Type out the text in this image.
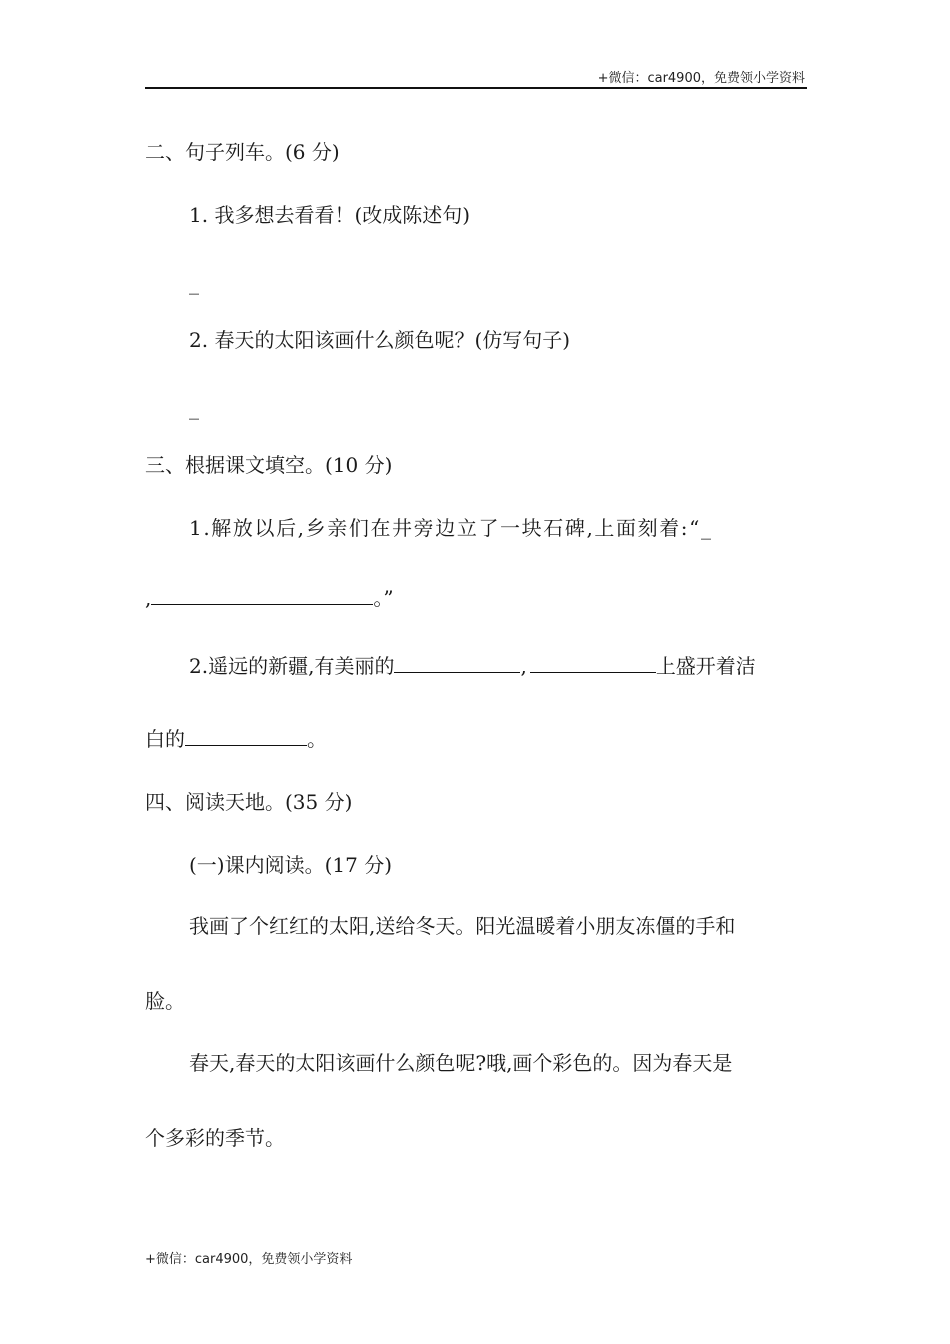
+微信：car4900，免费领小学资料
二、句子列车。(6 分)
1. 我多想去看看！(改成陈述句)
_
2. 春天的太阳该画什么颜色呢？(仿写句子)
_
三、根据课文填空。(10 分)
1.解放以后,乡亲们在井旁边立了一块石碑,上面刻着:“_
,	。”
2.遥远的新疆,有美丽的	,	上盛开着洁
白的	。
四、阅读天地。(35 分)
(一)课内阅读。(17 分)
我画了个红红的太阳,送给冬天。阳光温暖着小朋友冻僵的手和
脸。
春天,春天的太阳该画什么颜色呢?哦,画个彩色的。因为春天是
个多彩的季节。
+微信：car4900，免费领小学资料
